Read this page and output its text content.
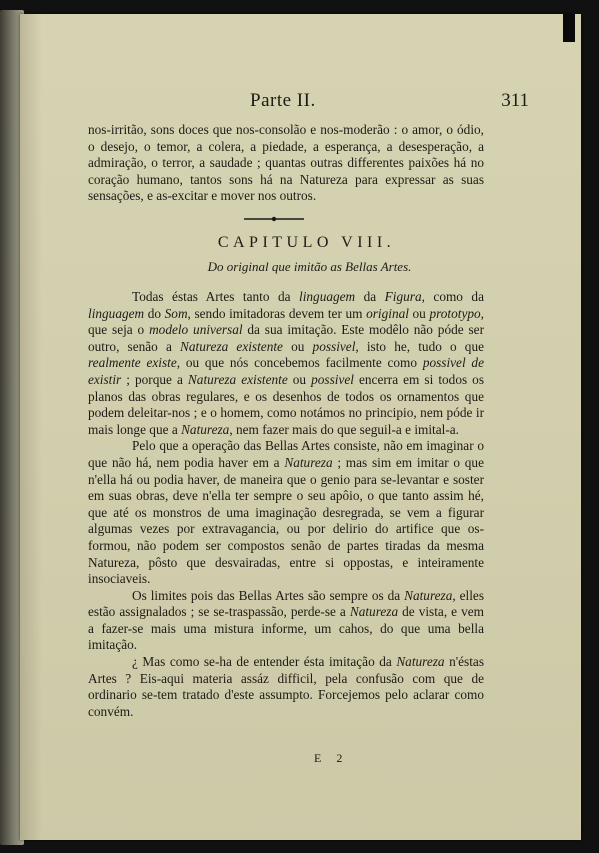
Parte II.	311

nos-irritão, sons doces que nos-consolão e nos-moderão : o amor, o ódio, o desejo, o temor, a colera, a piedade, a esperança, a desesperação, a admiração, o terror, a saudade ; quantas outras differentes paixões há no coração humano, tantos sons há na Natureza para expressar as suas sensações, e as-excitar e mover nos outros.

CAPITULO VIII.
Do original que imitão as Bellas Artes.

Todas éstas Artes tanto da linguagem da Figura, como da linguagem do Som, sendo imitadoras devem ter um original ou prototypo, que seja o modelo universal da sua imitação. Este modêlo não póde ser outro, senão a Natureza existente ou possivel, isto he, tudo o que realmente existe, ou que nós concebemos facilmente como possivel de existir ; porque a Natureza existente ou possivel encerra em si todos os planos das obras regulares, e os desenhos de todos os ornamentos que podem deleitar-nos ; e o homem, como notámos no principio, nem póde ir mais longe que a Natureza, nem fazer mais do que seguil-a e imital-a.

Pelo que a operação das Bellas Artes consiste, não em imaginar o que não há, nem podia haver em a Natureza ; mas sim em imitar o que n'ella há ou podia haver, de maneira que o genio para se-levantar e soster em suas obras, deve n'ella ter sempre o seu apôio, o que tanto assim hé, que até os monstros de uma imaginação desregrada, se vem a figurar algumas vezes por extravagancia, ou por delirio do artifice que os-formou, não podem ser compostos senão de partes tiradas da mesma Natureza, pôsto que desvairadas, entre si oppostas, e inteiramente insociaveis.

Os limites pois das Bellas Artes são sempre os da Natureza, elles estão assignalados ; se se-traspassão, perde-se a Natureza de vista, e vem a fazer-se mais uma mistura informe, um cahos, do que uma bella imitação.

¿ Mas como se-ha de entender ésta imitação da Natureza n'éstas Artes ? Eis-aqui materia assáz difficil, pela confusão com que de ordinario se-tem tratado d'este assumpto. Forcejemos pelo aclarar como convém.

E 2
